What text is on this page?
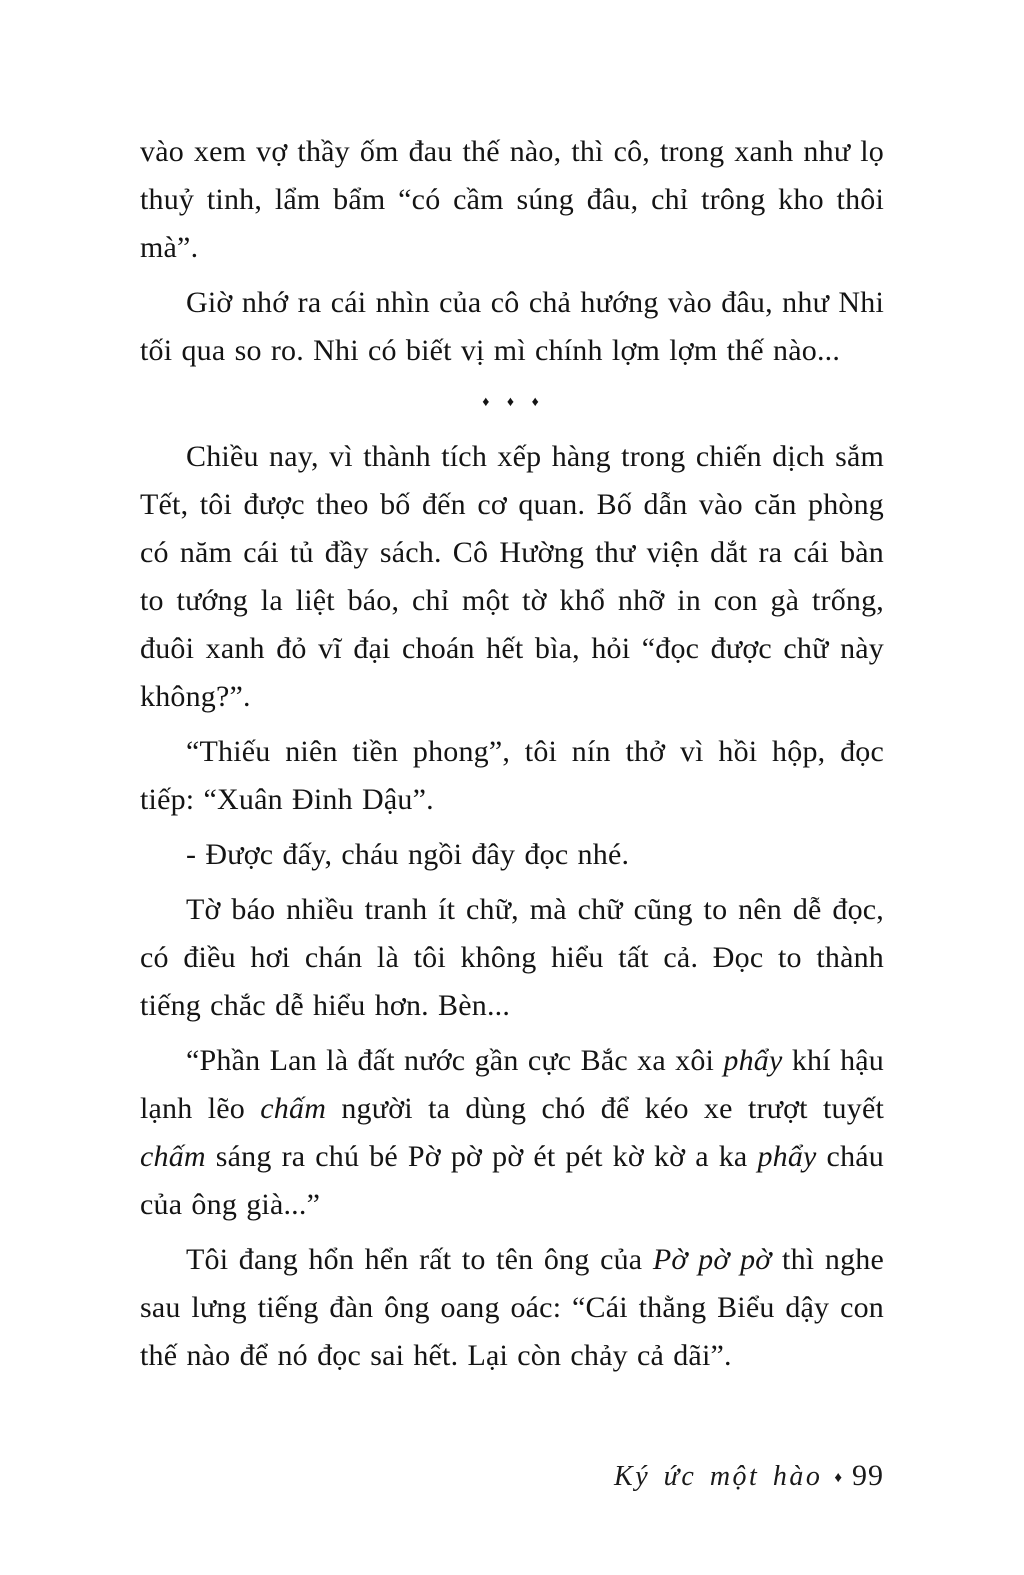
vào xem vợ thầy ốm đau thế nào, thì cô, trong xanh như lọ thuỷ tinh, lẩm bẩm “có cầm súng đâu, chỉ trông kho thôi mà”.

Giờ nhớ ra cái nhìn của cô chả hướng vào đâu, như Nhi tối qua so ro. Nhi có biết vị mì chính lợm lợm thế nào...

♦ ♦ ♦

Chiều nay, vì thành tích xếp hàng trong chiến dịch sắm Tết, tôi được theo bố đến cơ quan. Bố dẫn vào căn phòng có năm cái tủ đầy sách. Cô Hường thư viện dắt ra cái bàn to tướng la liệt báo, chỉ một tờ khổ nhỡ in con gà trống, đuôi xanh đỏ vĩ đại choán hết bìa, hỏi “đọc được chữ này không?”.

“Thiếu niên tiền phong”, tôi nín thở vì hồi hộp, đọc tiếp: “Xuân Đinh Dậu”.

- Được đấy, cháu ngồi đây đọc nhé.

Tờ báo nhiều tranh ít chữ, mà chữ cũng to nên dễ đọc, có điều hơi chán là tôi không hiểu tất cả. Đọc to thành tiếng chắc dễ hiểu hơn. Bèn...

“Phần Lan là đất nước gần cực Bắc xa xôi phẩy khí hậu lạnh lẽo chấm người ta dùng chó để kéo xe trượt tuyết chấm sáng ra chú bé Pờ pờ pờ ét pét kờ kờ a ka phẩy cháu của ông già...”

Tôi đang hổn hển rất to tên ông của Pờ pờ pờ thì nghe sau lưng tiếng đàn ông oang oác: “Cái thằng Biểu dậy con thế nào để nó đọc sai hết. Lại còn chảy cả dãi”.

Ký ức một hào ♦ 99
